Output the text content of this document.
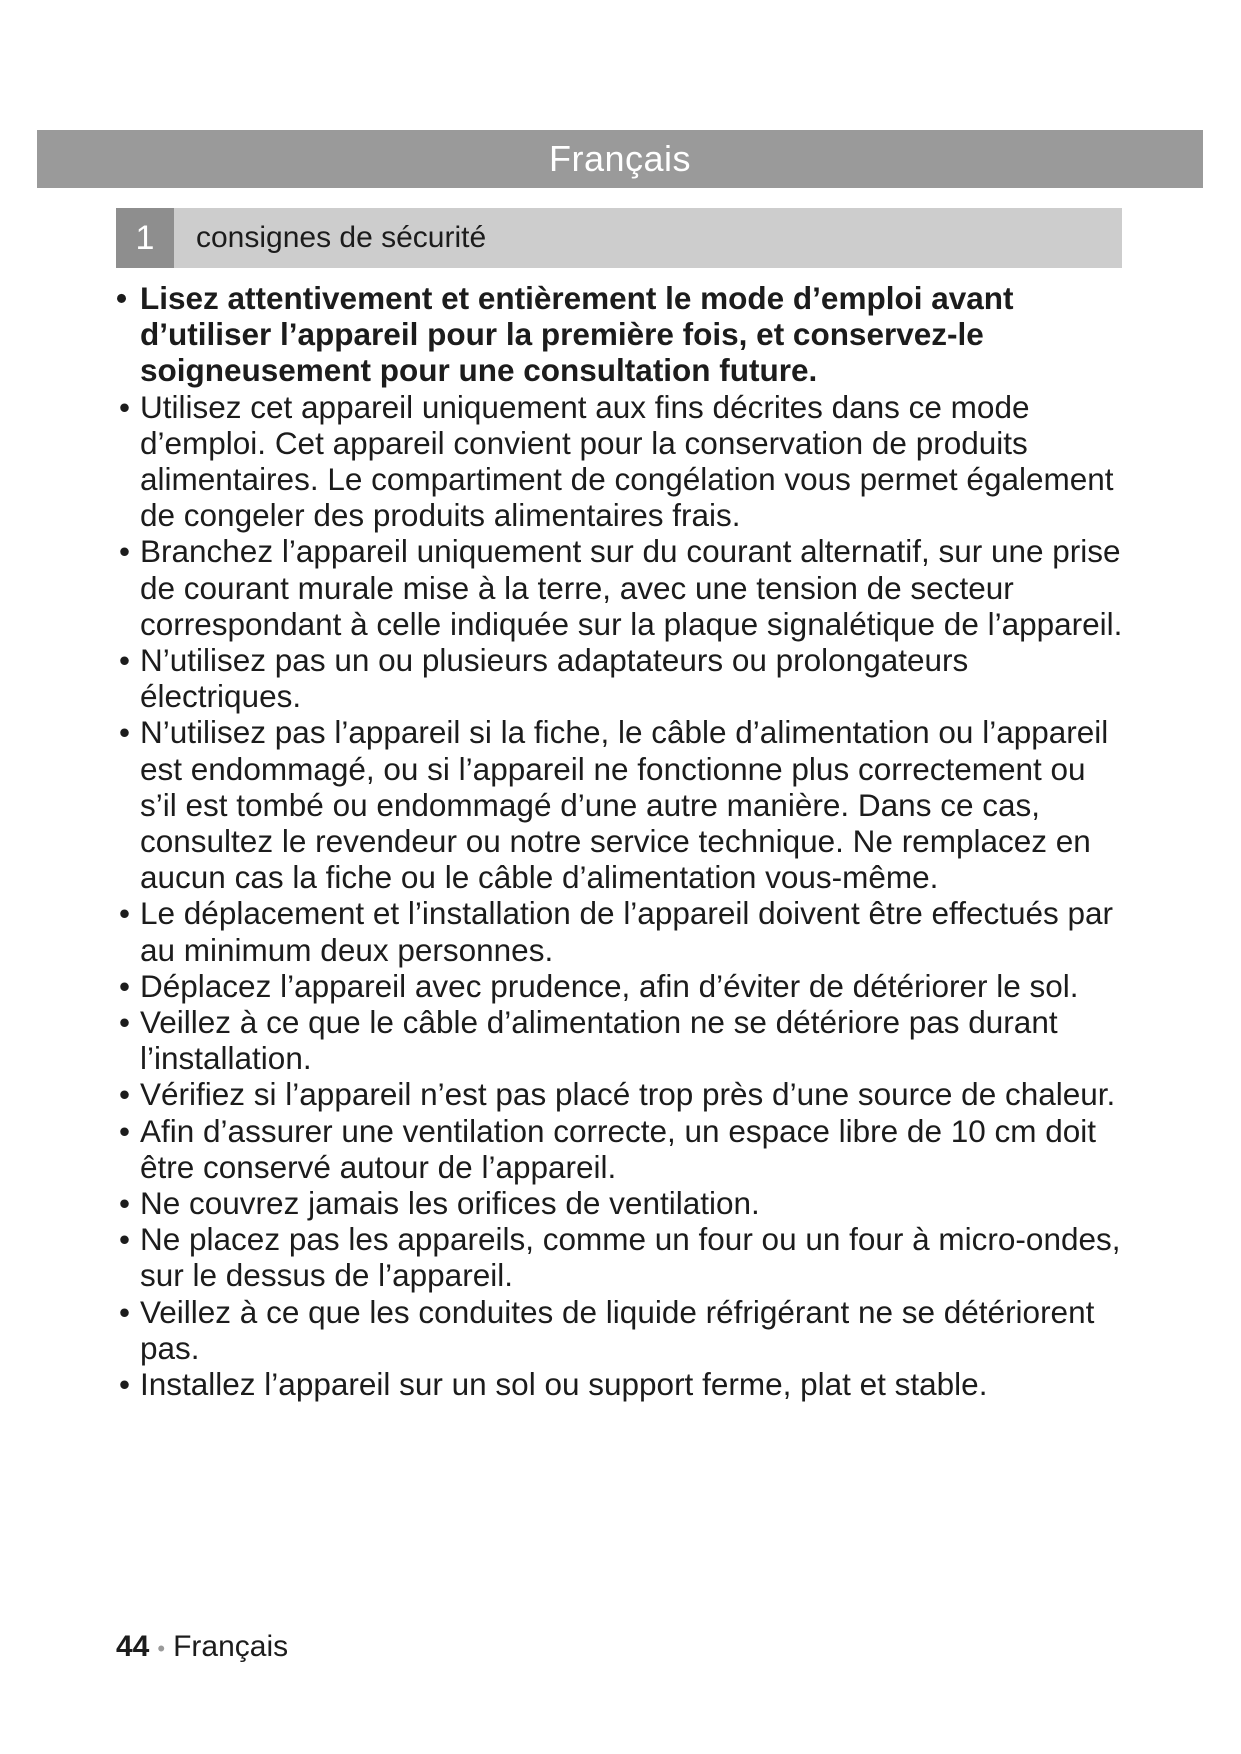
Français
1	consignes de sécurité
• Lisez attentivement et entièrement le mode d’emploi avant d’utiliser l’appareil pour la première fois, et conservez-le soigneusement pour une consultation future.
• Utilisez cet appareil uniquement aux fins décrites dans ce mode d’emploi. Cet appareil convient pour la conservation de produits alimentaires. Le compartiment de congélation vous permet également de congeler des produits alimentaires frais.
• Branchez l’appareil uniquement sur du courant alternatif, sur une prise de courant murale mise à la terre, avec une tension de secteur correspondant à celle indiquée sur la plaque signalétique de l’appareil.
• N’utilisez pas un ou plusieurs adaptateurs ou prolongateurs électriques.
• N’utilisez pas l’appareil si la fiche, le câble d’alimentation ou l’appareil est endommagé, ou si l’appareil ne fonctionne plus correctement ou s’il est tombé ou endommagé d’une autre manière. Dans ce cas, consultez le revendeur ou notre service technique. Ne remplacez en aucun cas la fiche ou le câble d’alimentation vous-même.
• Le déplacement et l’installation de l’appareil doivent être effectués par au minimum deux personnes.
• Déplacez l’appareil avec prudence, afin d’éviter de détériorer le sol.
• Veillez à ce que le câble d’alimentation ne se détériore pas durant l’installation.
• Vérifiez si l’appareil n’est pas placé trop près d’une source de chaleur.
• Afin d’assurer une ventilation correcte, un espace libre de 10 cm doit être conservé autour de l’appareil.
• Ne couvrez jamais les orifices de ventilation.
• Ne placez pas les appareils, comme un four ou un four à micro-ondes, sur le dessus de l’appareil.
• Veillez à ce que les conduites de liquide réfrigérant ne se détériorent pas.
• Installez l’appareil sur un sol ou support ferme, plat et stable.
44 • Français
